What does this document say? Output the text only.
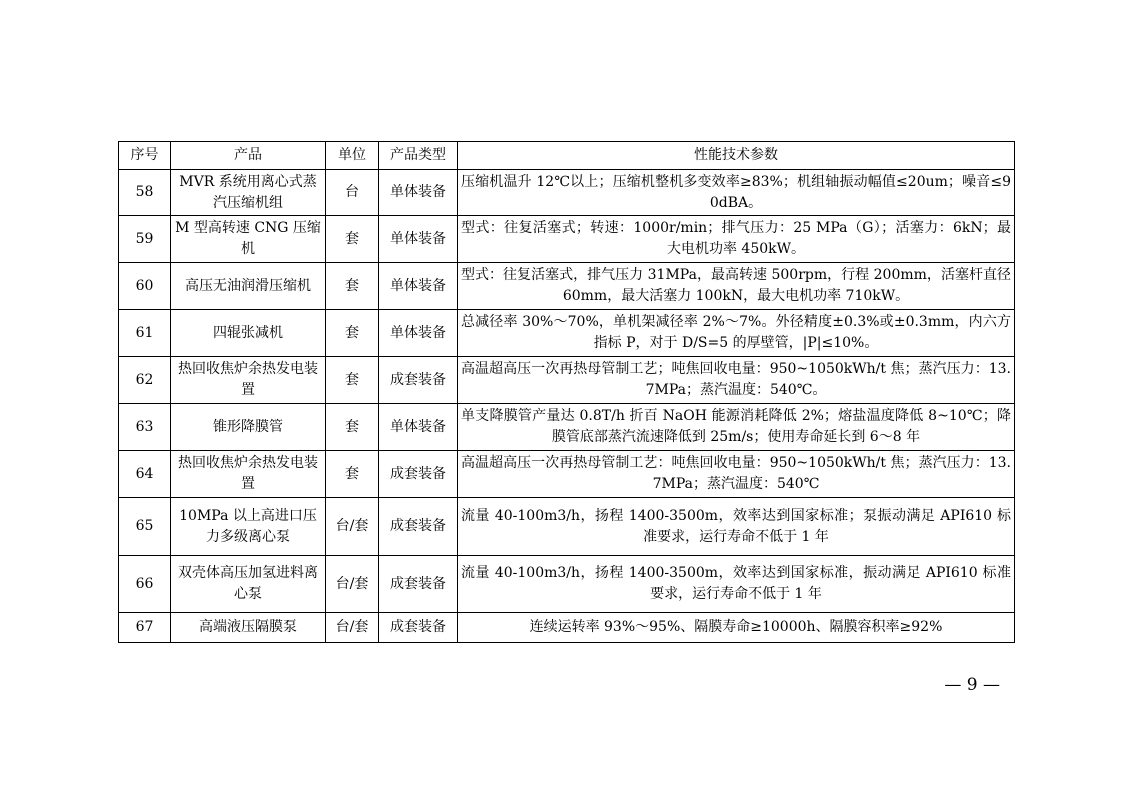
序号	产品	单位	产品类型	性能技术参数
58	MVR 系统用离心式蒸汽压缩机组	台	单体装备	压缩机温升 12℃以上；压缩机整机多变效率≥83%；机组轴振动幅值≤20um；噪音≤90dBA。
59	M 型高转速 CNG 压缩机	套	单体装备	型式：往复活塞式；转速：1000r/min；排气压力：25 MPa（G）；活塞力：6kN；最大电机功率 450kW。
60	高压无油润滑压缩机	套	单体装备	型式：往复活塞式，排气压力 31MPa，最高转速 500rpm，行程 200mm，活塞杆直径 60mm，最大活塞力 100kN，最大电机功率 710kW。
61	四辊张减机	套	单体装备	总减径率 30%～70%，单机架减径率 2%～7%。外径精度±0.3%或±0.3mm，内六方指标 P，对于 D/S=5 的厚壁管，|P|≤10%。
62	热回收焦炉余热发电装置	套	成套装备	高温超高压一次再热母管制工艺；吨焦回收电量：950~1050kWh/t 焦；蒸汽压力：13.7MPa；蒸汽温度：540℃。
63	锥形降膜管	套	单体装备	单支降膜管产量达 0.8T/h 折百 NaOH 能源消耗降低 2%；熔盐温度降低 8~10℃；降膜管底部蒸汽流速降低到 25m/s；使用寿命延长到 6～8 年
64	热回收焦炉余热发电装置	套	成套装备	高温超高压一次再热母管制工艺：吨焦回收电量：950~1050kWh/t 焦；蒸汽压力：13.7MPa；蒸汽温度：540℃
65	10MPa 以上高进口压力多级离心泵	台/套	成套装备	流量 40-100m3/h，扬程 1400-3500m，效率达到国家标准；泵振动满足 API610 标准要求，运行寿命不低于 1 年
66	双壳体高压加氢进料离心泵	台/套	成套装备	流量 40-100m3/h，扬程 1400-3500m，效率达到国家标准，振动满足 API610 标准要求，运行寿命不低于 1 年
67	高端液压隔膜泵	台/套	成套装备	连续运转率 93%～95%、隔膜寿命≥10000h、隔膜容积率≥92%
— 9 —
